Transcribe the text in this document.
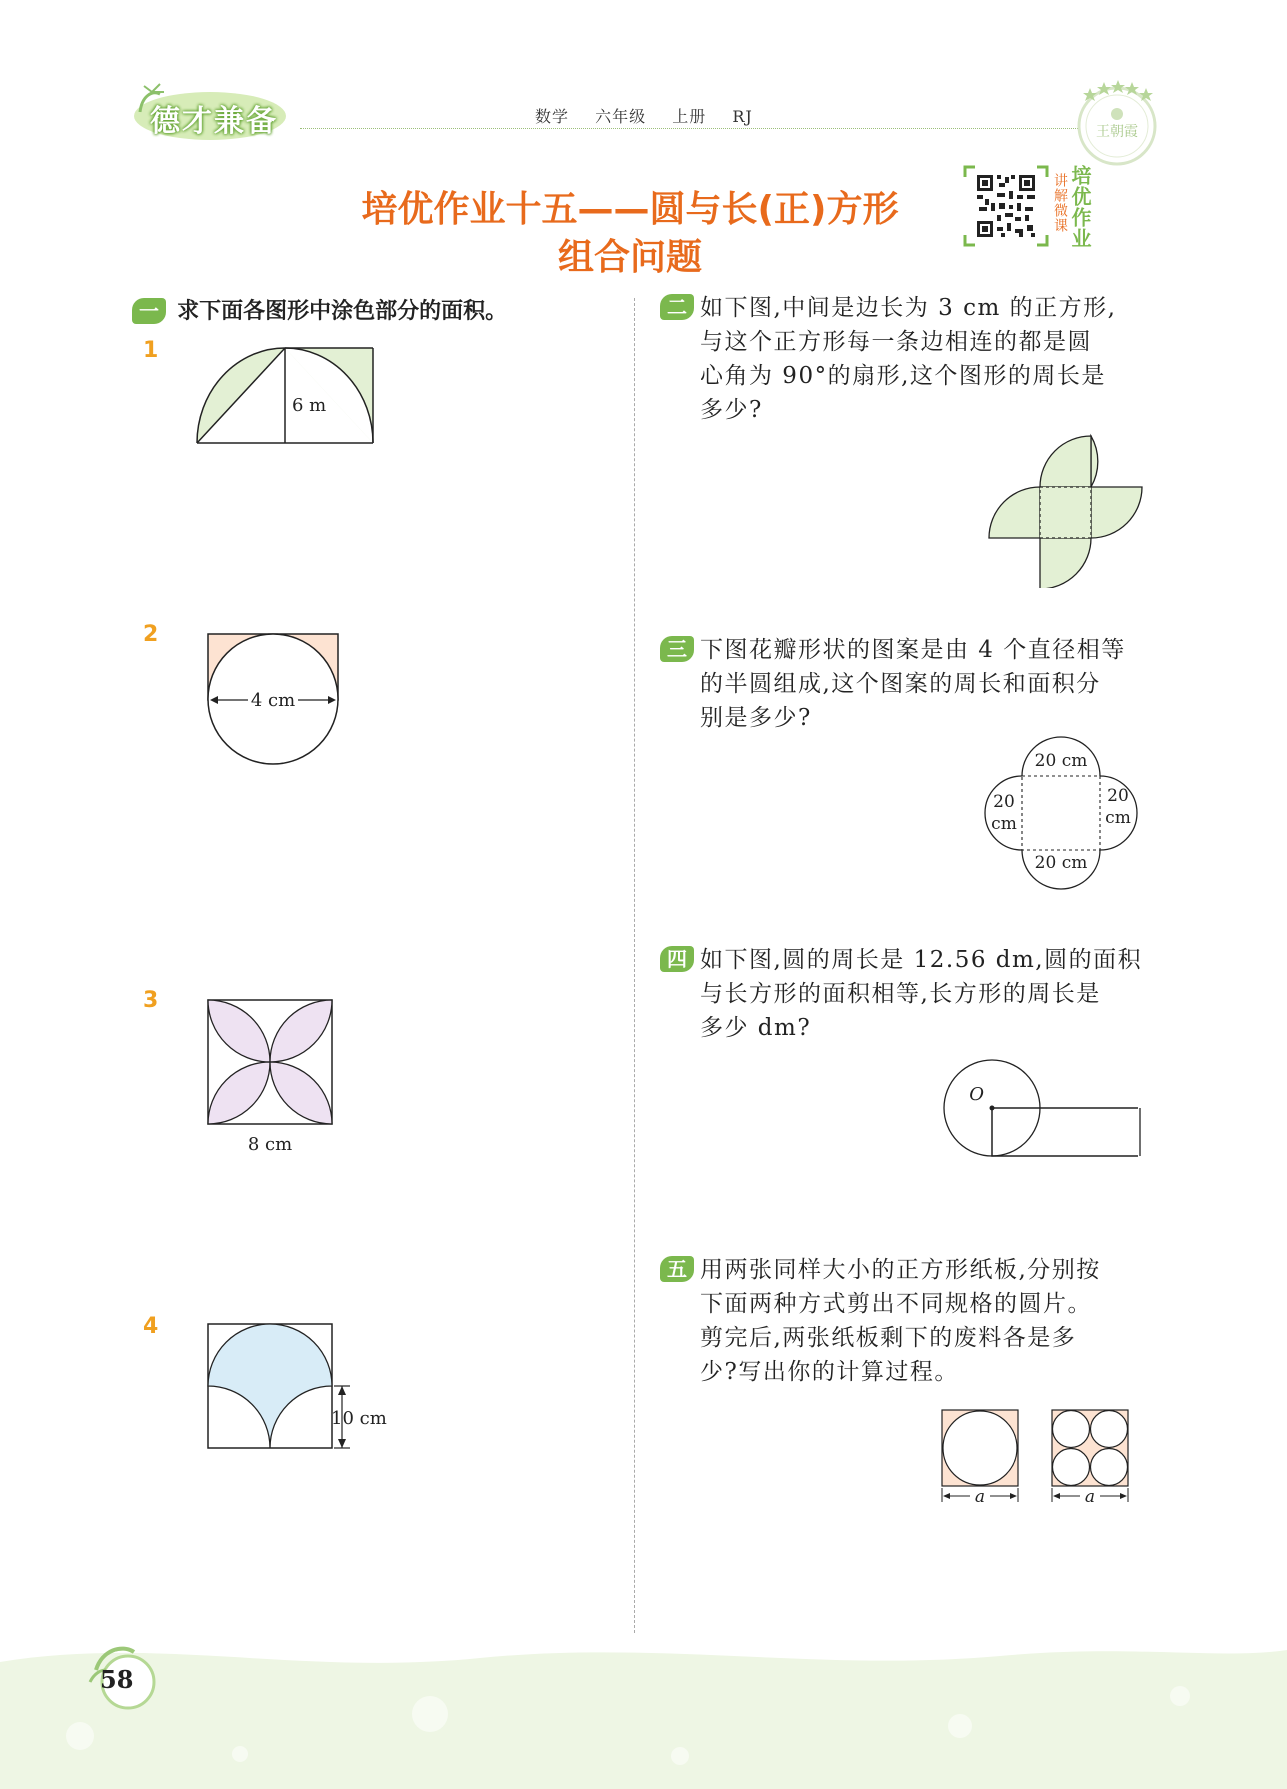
德才兼备	数学 六年级 上册 RJ
王朝霞
培优作业十五——圆与长(正)方形
组合问题
培优作业
讲解微课
一 求下面各图形中涂色部分的面积。
1
6 m
2
4 cm
3
8 cm
4
10 cm
二 如下图,中间是边长为 3 cm 的正方形,
与这个正方形每一条边相连的都是圆
心角为 90°的扇形,这个图形的周长是
多少?
三 下图花瓣形状的图案是由 4 个直径相等
的半圆组成,这个图案的周长和面积分
别是多少?
20 cm
20 cm
20
cm
20
cm
四 如下图,圆的周长是 12.56 dm,圆的面积
与长方形的面积相等,长方形的周长是
多少 dm?
O
五 用两张同样大小的正方形纸板,分别按
下面两种方式剪出不同规格的圆片。
剪完后,两张纸板剩下的废料各是多
少?写出你的计算过程。
a	a
58
